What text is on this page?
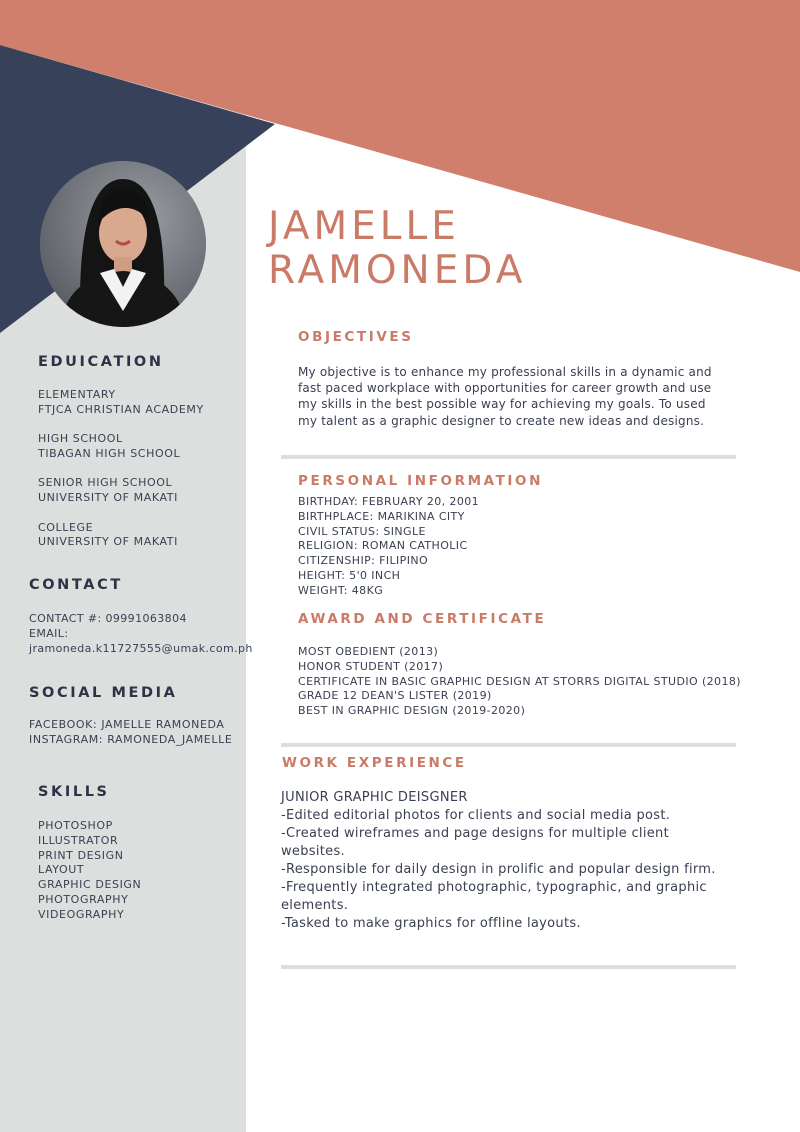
JAMELLE
RAMONEDA
EDUICATION
ELEMENTARY
FTJCA CHRISTIAN ACADEMY
HIGH SCHOOL
TIBAGAN HIGH SCHOOL
SENIOR HIGH SCHOOL
UNIVERSITY OF MAKATI
COLLEGE
UNIVERSITY OF MAKATI
CONTACT
CONTACT #: 09991063804
EMAIL:
jramoneda.k11727555@umak.com.ph
SOCIAL MEDIA
FACEBOOK: JAMELLE RAMONEDA
INSTAGRAM: RAMONEDA_JAMELLE
SKILLS
PHOTOSHOP
ILLUSTRATOR
PRINT DESIGN
LAYOUT
GRAPHIC DESIGN
PHOTOGRAPHY
VIDEOGRAPHY
OBJECTIVES
My objective is to enhance my professional skills in a dynamic and fast paced workplace with opportunities for career growth and use my skills in the best possible way for achieving my goals. To used my talent as a graphic designer to create new ideas and designs.
PERSONAL INFORMATION
BIRTHDAY: FEBRUARY 20, 2001
BIRTHPLACE: MARIKINA CITY
CIVIL STATUS: SINGLE
RELIGION: ROMAN CATHOLIC
CITIZENSHIP: FILIPINO
HEIGHT: 5'0 INCH
WEIGHT: 48KG
AWARD AND CERTIFICATE
MOST OBEDIENT (2013)
HONOR STUDENT (2017)
CERTIFICATE IN BASIC GRAPHIC DESIGN AT STORRS DIGITAL STUDIO (2018)
GRADE 12 DEAN'S LISTER (2019)
BEST IN GRAPHIC DESIGN (2019-2020)
WORK EXPERIENCE
JUNIOR GRAPHIC DEISGNER
-Edited editorial photos for clients and social media post.
-Created wireframes and page designs for multiple client websites.
-Responsible for daily design in prolific and popular design firm.
-Frequently integrated photographic, typographic, and graphic elements.
-Tasked to make graphics for offline layouts.
